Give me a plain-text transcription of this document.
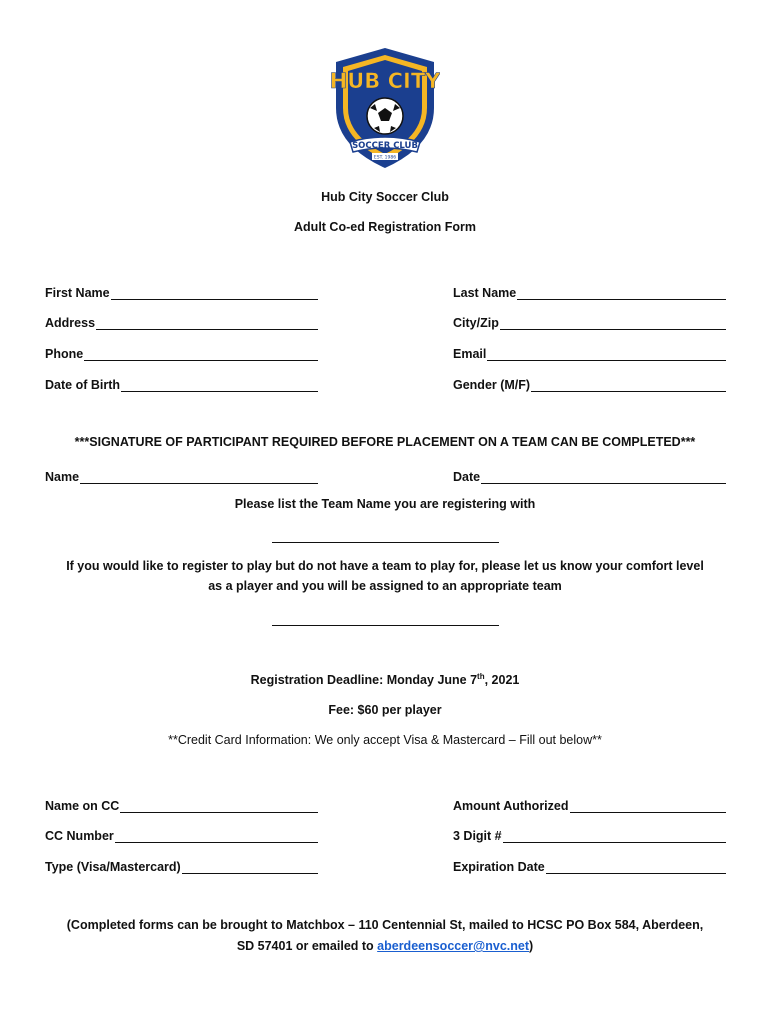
HUB CITY
SOCCER CLUB
EST. 1986
Hub City Soccer Club
Adult Co-ed Registration Form
First Name	Last Name
Address	City/Zip
Phone	Email
Date of Birth	Gender (M/F)
***SIGNATURE OF PARTICIPANT REQUIRED BEFORE PLACEMENT ON A TEAM CAN BE COMPLETED***
Name	Date
Please list the Team Name you are registering with
If you would like to register to play but do not have a team to play for, please let us know your comfort level
as a player and you will be assigned to an appropriate team
Registration Deadline: Monday June 7th, 2021
Fee: $60 per player
**Credit Card Information: We only accept Visa & Mastercard – Fill out below**
Name on CC	Amount Authorized
CC Number	3 Digit #
Type (Visa/Mastercard)	Expiration Date
(Completed forms can be brought to Matchbox – 110 Centennial St, mailed to HCSC PO Box 584, Aberdeen,
SD 57401 or emailed to aberdeensoccer@nvc.net)
